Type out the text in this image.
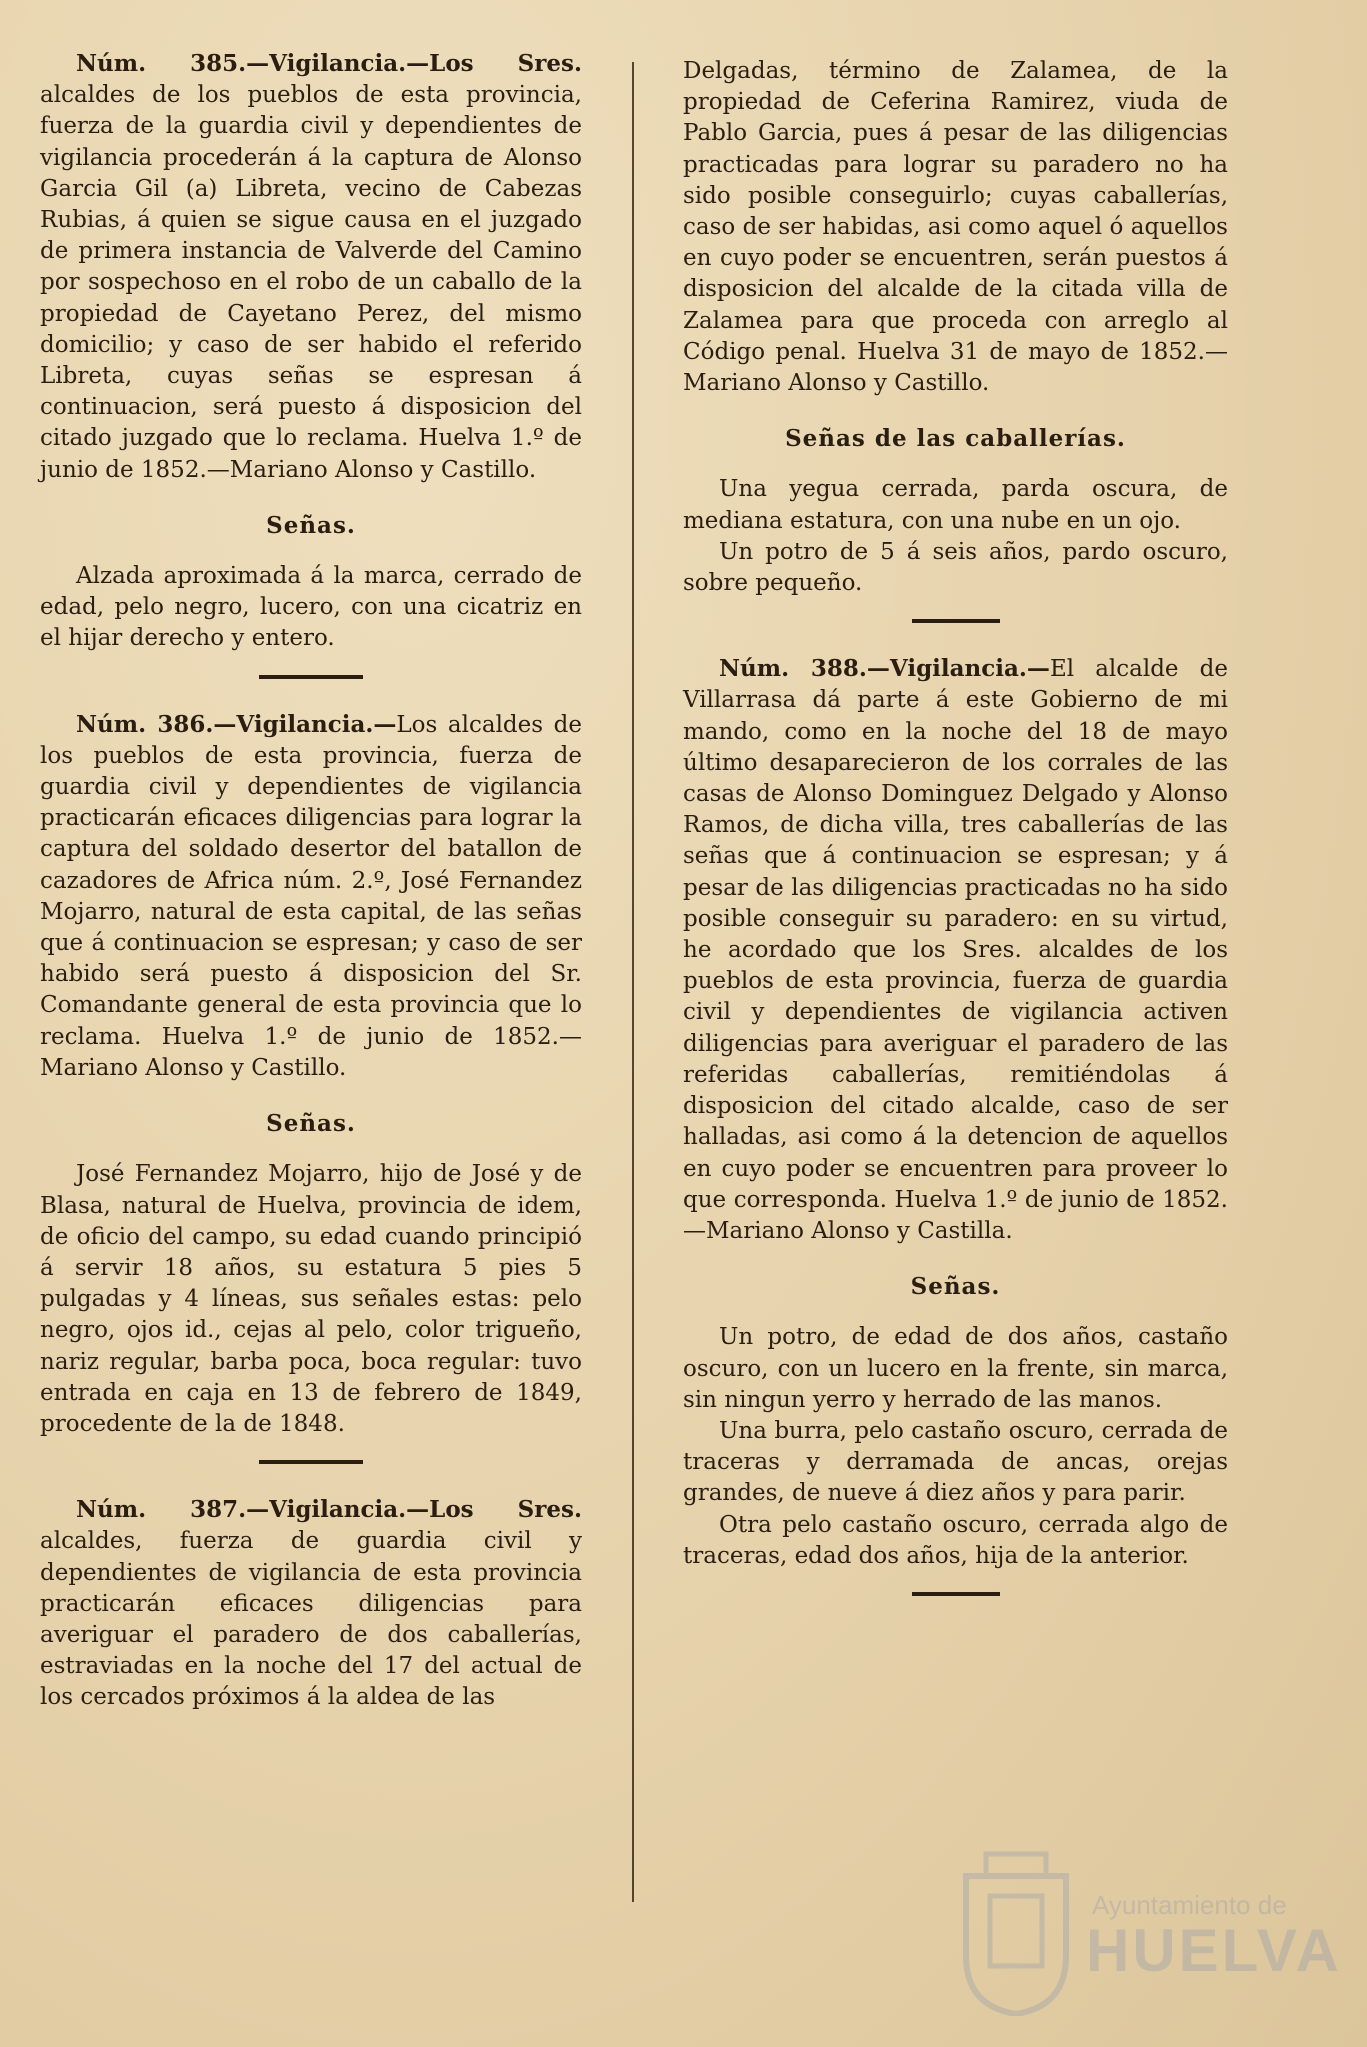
Núm. 385.—Vigilancia.—Los Sres. alcaldes de los pueblos de esta provincia, fuerza de la guardia civil y dependientes de vigilancia procederán á la captura de Alonso Garcia Gil (a) Libreta, vecino de Cabezas Rubias, á quien se sigue causa en el juzgado de primera instancia de Valverde del Camino por sospechoso en el robo de un caballo de la propiedad de Cayetano Perez, del mismo domicilio; y caso de ser habido el referido Libreta, cuyas señas se espresan á continuacion, será puesto á disposicion del citado juzgado que lo reclama. Huelva 1.º de junio de 1852.—Mariano Alonso y Castillo.

Señas.

Alzada aproximada á la marca, cerrado de edad, pelo negro, lucero, con una cicatriz en el hijar derecho y entero.

Núm. 386.—Vigilancia.—Los alcaldes de los pueblos de esta provincia, fuerza de guardia civil y dependientes de vigilancia practicarán eficaces diligencias para lograr la captura del soldado desertor del batallon de cazadores de Africa núm. 2.º, José Fernandez Mojarro, natural de esta capital, de las señas que á continuacion se espresan; y caso de ser habido será puesto á disposicion del Sr. Comandante general de esta provincia que lo reclama. Huelva 1.º de junio de 1852.—Mariano Alonso y Castillo.

Señas.

José Fernandez Mojarro, hijo de José y de Blasa, natural de Huelva, provincia de idem, de oficio del campo, su edad cuando principió á servir 18 años, su estatura 5 pies 5 pulgadas y 4 líneas, sus señales estas: pelo negro, ojos id., cejas al pelo, color trigueño, nariz regular, barba poca, boca regular: tuvo entrada en caja en 13 de febrero de 1849, procedente de la de 1848.

Núm. 387.—Vigilancia.—Los Sres. alcaldes, fuerza de guardia civil y dependientes de vigilancia de esta provincia practicarán eficaces diligencias para averiguar el paradero de dos caballerías, estraviadas en la noche del 17 del actual de los cercados próximos á la aldea de las

Delgadas, término de Zalamea, de la propiedad de Ceferina Ramirez, viuda de Pablo Garcia, pues á pesar de las diligencias practicadas para lograr su paradero no ha sido posible conseguirlo; cuyas caballerías, caso de ser habidas, asi como aquel ó aquellos en cuyo poder se encuentren, serán puestos á disposicion del alcalde de la citada villa de Zalamea para que proceda con arreglo al Código penal. Huelva 31 de mayo de 1852.—Mariano Alonso y Castillo.

Señas de las caballerías.

Una yegua cerrada, parda oscura, de mediana estatura, con una nube en un ojo.

Un potro de 5 á seis años, pardo oscuro, sobre pequeño.

Núm. 388.—Vigilancia.—El alcalde de Villarrasa dá parte á este Gobierno de mi mando, como en la noche del 18 de mayo último desaparecieron de los corrales de las casas de Alonso Dominguez Delgado y Alonso Ramos, de dicha villa, tres caballerías de las señas que á continuacion se espresan; y á pesar de las diligencias practicadas no ha sido posible conseguir su paradero: en su virtud, he acordado que los Sres. alcaldes de los pueblos de esta provincia, fuerza de guardia civil y dependientes de vigilancia activen diligencias para averiguar el paradero de las referidas caballerías, remitiéndolas á disposicion del citado alcalde, caso de ser halladas, asi como á la detencion de aquellos en cuyo poder se encuentren para proveer lo que corresponda. Huelva 1.º de junio de 1852.—Mariano Alonso y Castilla.

Señas.

Un potro, de edad de dos años, castaño oscuro, con un lucero en la frente, sin marca, sin ningun yerro y herrado de las manos.

Una burra, pelo castaño oscuro, cerrada de traceras y derramada de ancas, orejas grandes, de nueve á diez años y para parir.

Otra pelo castaño oscuro, cerrada algo de traceras, edad dos años, hija de la anterior.

Ayuntamiento de
HUELVA
